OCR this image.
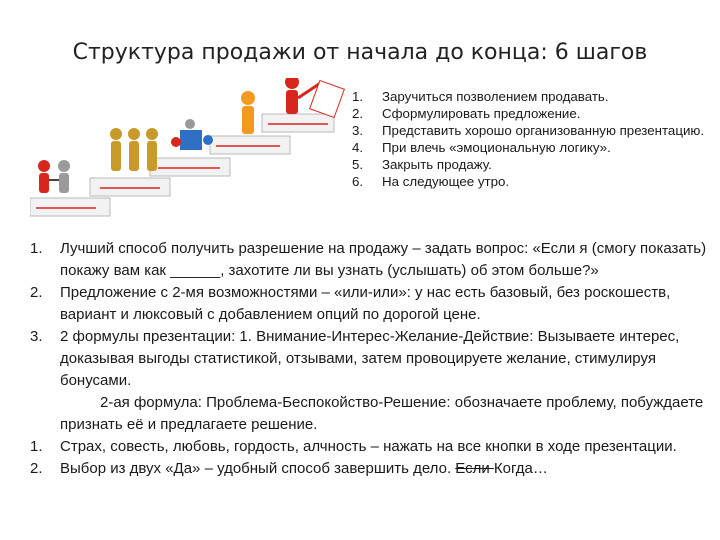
Структура продажи от начала до конца: 6 шагов
1.	Заручиться позволением продавать.
2.	Сформулировать предложение.
3.	Представить хорошо организованную презентацию.
4.	При влечь «эмоциональную логику».
5.	Закрыть продажу.
6.	На следующее утро.
1.	Лучший способ получить разрешение на продажу – задать вопрос: «Если я (смогу показать) покажу вам как ______, захотите ли вы узнать (услышать) об этом больше?»
2.	Предложение с 2-мя возможностями – «или-или»: у нас есть базовый, без роскошеств, вариант и люксовый с добавлением опций по дорогой цене.
3.	2 формулы презентации: 1. Внимание-Интерес-Желание-Действие: Вызываете интерес, доказывая выгоды статистикой, отзывами, затем провоцируете желание, стимулируя бонусами.
2-ая формула: Проблема-Беспокойство-Решение: обозначаете проблему, побуждаете признать её и предлагаете решение.
1.	Страх, совесть, любовь, гордость, алчность – нажать на все кнопки в ходе презентации.
2.	Выбор из двух «Да» – удобный способ завершить дело. Если Когда…
